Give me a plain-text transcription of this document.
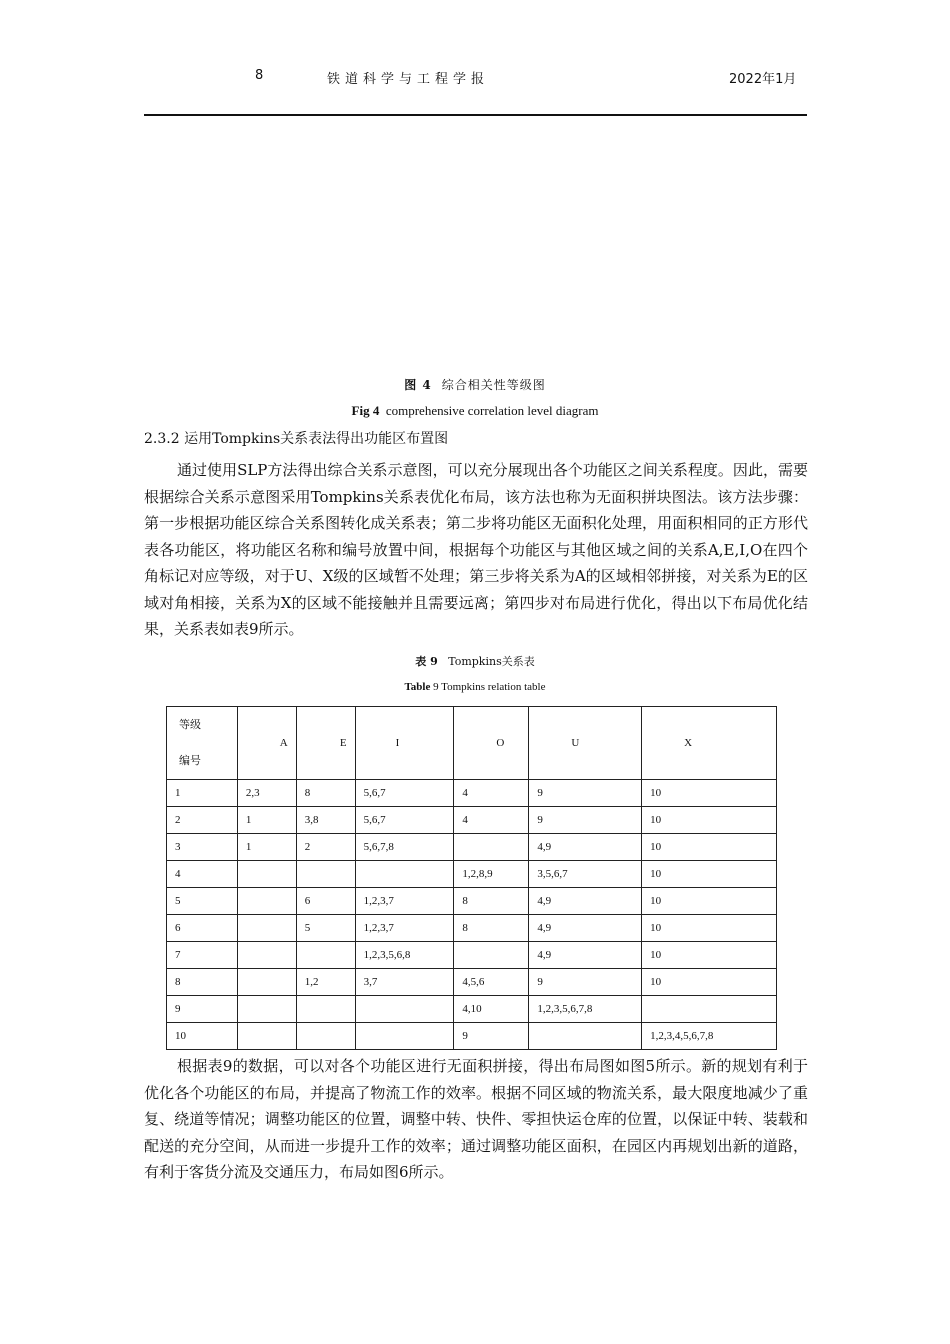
8	铁道科学与工程学报	2022年1月
图 4 综合相关性等级图
Fig 4 comprehensive correlation level diagram
2.3.2 运用Tompkins关系表法得出功能区布置图

通过使用SLP方法得出综合关系示意图，可以充分展现出各个功能区之间关系程度。因此，需要根据综合关系示意图采用Tompkins关系表优化布局，该方法也称为无面积拼块图法。该方法步骤：第一步根据功能区综合关系图转化成关系表；第二步将功能区无面积化处理，用面积相同的正方形代表各功能区，将功能区名称和编号放置中间，根据每个功能区与其他区域之间的关系A,E,I,O在四个角标记对应等级，对于U、X级的区域暂不处理；第三步将关系为A的区域相邻拼接，对关系为E的区域对角相接，关系为X的区域不能接触并且需要远离；第四步对布局进行优化，得出以下布局优化结果，关系表如表9所示。

表 9 Tompkins关系表
Table 9 Tompkins relation table
等级
编号	A	E	I	O	U	X
1	2,3	8	5,6,7	4	9	10
2	1	3,8	5,6,7	4	9	10
3	1	2	5,6,7,8		4,9	10
4				1,2,8,9	3,5,6,7	10
5		6	1,2,3,7	8	4,9	10
6		5	1,2,3,7	8	4,9	10
7			1,2,3,5,6,8		4,9	10
8		1,2	3,7	4,5,6	9	10
9				4,10	1,2,3,5,6,7,8	
10				9		1,2,3,4,5,6,7,8

根据表9的数据，可以对各个功能区进行无面积拼接，得出布局图如图5所示。新的规划有利于优化各个功能区的布局，并提高了物流工作的效率。根据不同区域的物流关系，最大限度地减少了重复、绕道等情况；调整功能区的位置，调整中转、快件、零担快运仓库的位置，以保证中转、装载和配送的充分空间，从而进一步提升工作的效率；通过调整功能区面积，在园区内再规划出新的道路，有利于客货分流及交通压力，布局如图6所示。
